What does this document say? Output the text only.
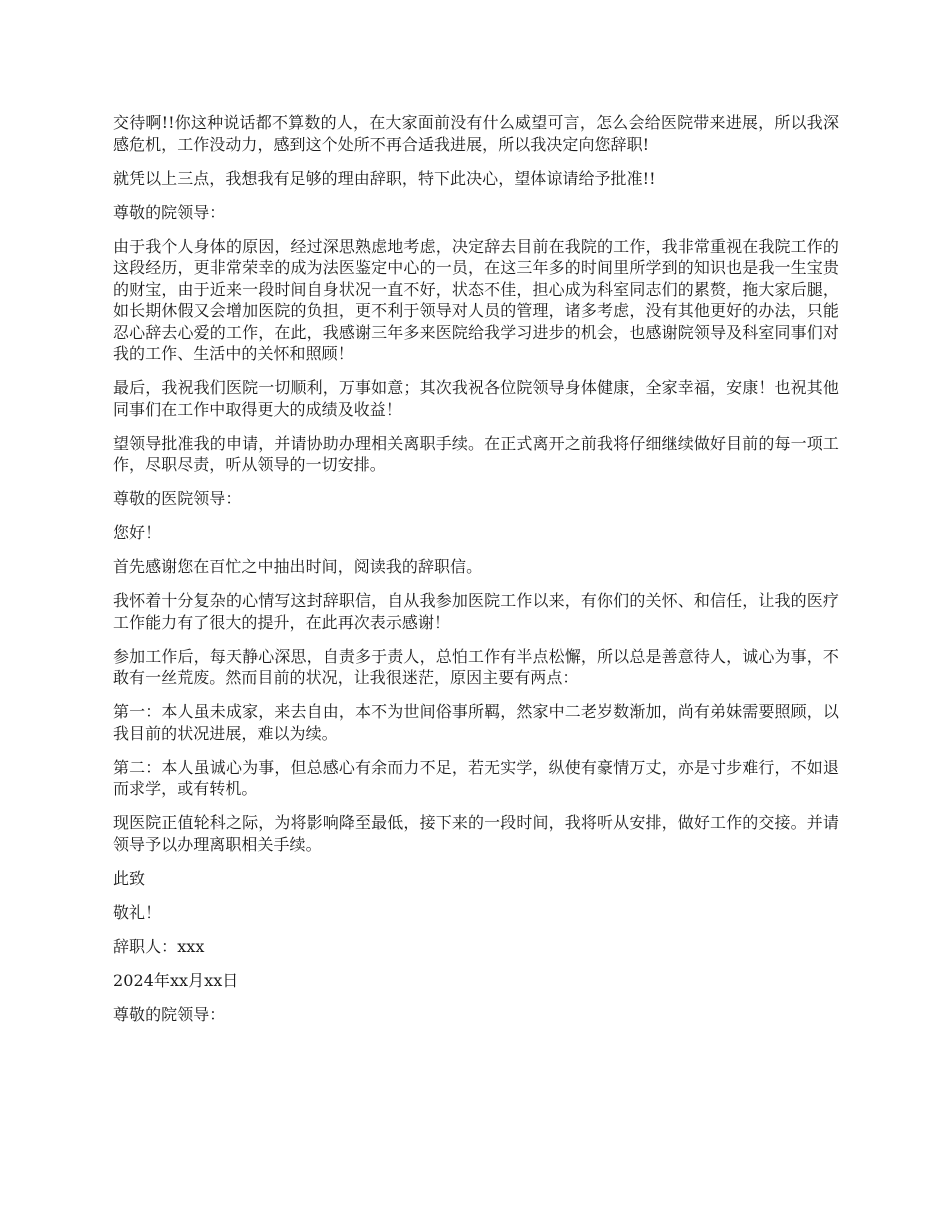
交待啊!!你这种说话都不算数的人，在大家面前没有什么威望可言，怎么会给医院带来进展，所以我深感危机，工作没动力，感到这个处所不再合适我进展，所以我决定向您辞职!

就凭以上三点，我想我有足够的理由辞职，特下此决心，望体谅请给予批准!!

尊敬的院领导：

由于我个人身体的原因，经过深思熟虑地考虑，决定辞去目前在我院的工作，我非常重视在我院工作的这段经历，更非常荣幸的成为法医鉴定中心的一员，在这三年多的时间里所学到的知识也是我一生宝贵的财宝，由于近来一段时间自身状况一直不好，状态不佳，担心成为科室同志们的累赘，拖大家后腿，如长期休假又会增加医院的负担，更不利于领导对人员的管理，诸多考虑，没有其他更好的办法，只能忍心辞去心爱的工作，在此，我感谢三年多来医院给我学习进步的机会，也感谢院领导及科室同事们对我的工作、生活中的关怀和照顾！

最后，我祝我们医院一切顺利，万事如意；其次我祝各位院领导身体健康，全家幸福，安康！也祝其他同事们在工作中取得更大的成绩及收益！

望领导批准我的申请，并请协助办理相关离职手续。在正式离开之前我将仔细继续做好目前的每一项工作，尽职尽责，听从领导的一切安排。

尊敬的医院领导：

您好！

首先感谢您在百忙之中抽出时间，阅读我的辞职信。

我怀着十分复杂的心情写这封辞职信，自从我参加医院工作以来，有你们的关怀、和信任，让我的医疗工作能力有了很大的提升，在此再次表示感谢！

参加工作后，每天静心深思，自责多于责人，总怕工作有半点松懈，所以总是善意待人，诚心为事，不敢有一丝荒废。然而目前的状况，让我很迷茫，原因主要有两点：

第一：本人虽未成家，来去自由，本不为世间俗事所羁，然家中二老岁数渐加，尚有弟妹需要照顾，以我目前的状况进展，难以为续。

第二：本人虽诚心为事，但总感心有余而力不足，若无实学，纵使有豪情万丈，亦是寸步难行，不如退而求学，或有转机。

现医院正值轮科之际，为将影响降至最低，接下来的一段时间，我将听从安排，做好工作的交接。并请领导予以办理离职相关手续。

此致

敬礼！

辞职人：xxx

2024年xx月xx日

尊敬的院领导：
